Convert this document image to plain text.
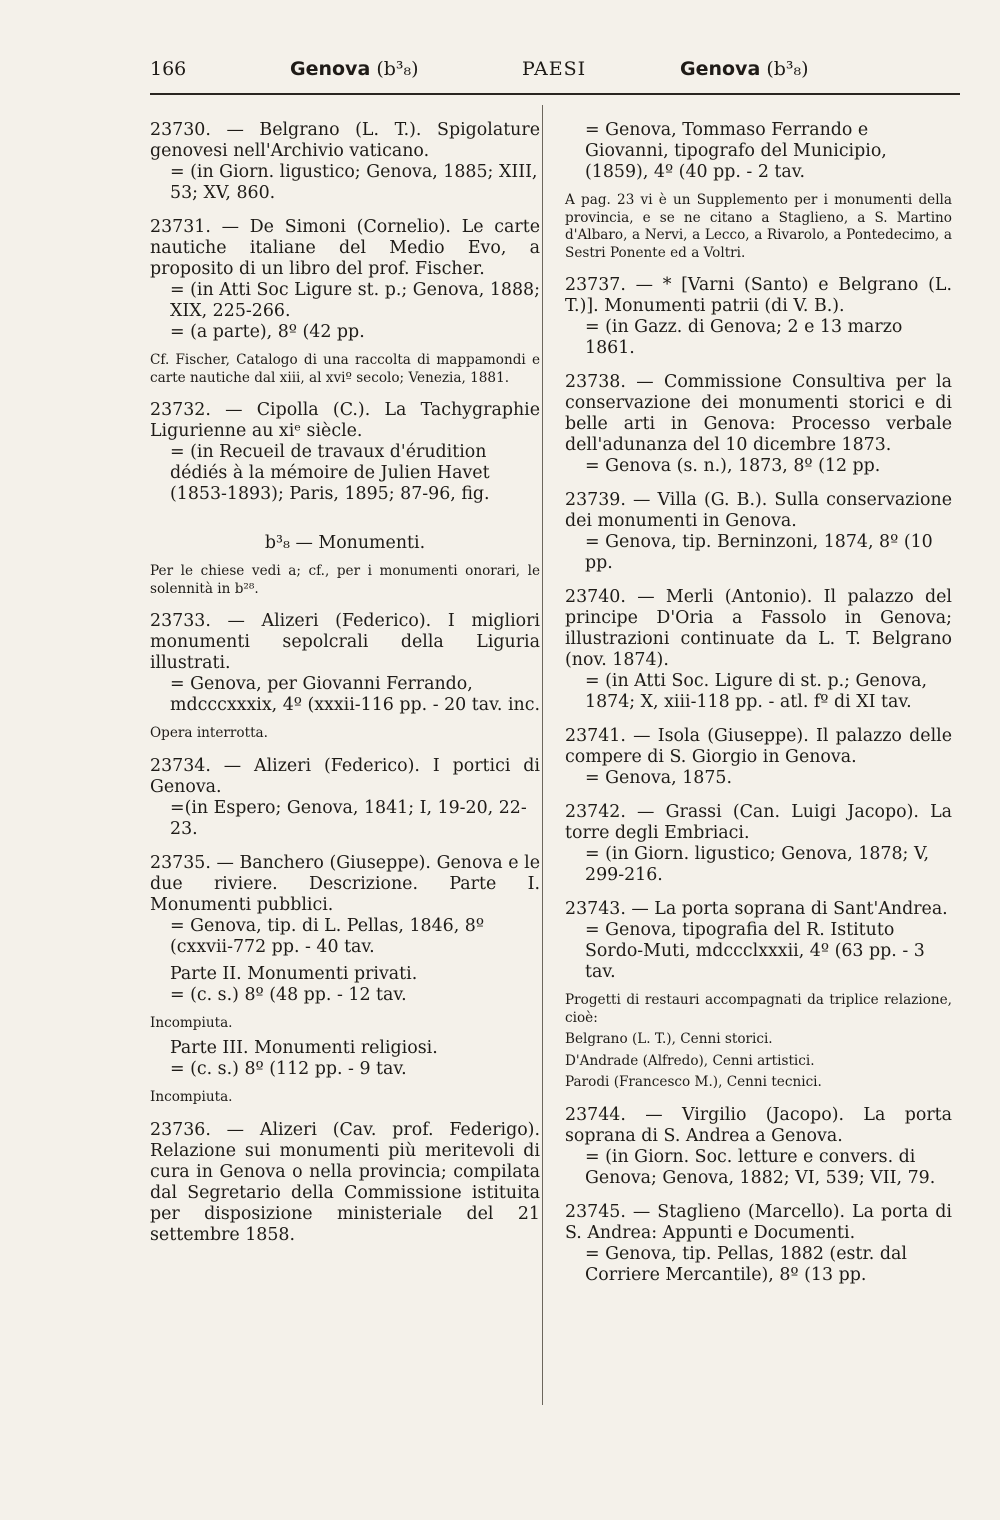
166	Genova (b³₈)	PAESI	Genova (b³₈)

23730. — Belgrano (L. T.). Spigolature genovesi nell'Archivio vaticano.

= (in Giorn. ligustico; Genova, 1885; XIII, 53; XV, 860.

23731. — De Simoni (Cornelio). Le carte nautiche italiane del Medio Evo, a proposito di un libro del prof. Fischer.

= (in Atti Soc Ligure st. p.; Genova, 1888; XIX, 225-266.

= (a parte), 8º (42 pp.

Cf. Fischer, Catalogo di una raccolta di mappamondi e carte nautiche dal xiii, al xviº secolo; Venezia, 1881.

23732. — Cipolla (C.). La Tachygraphie Ligurienne au xiᵉ siècle.

= (in Recueil de travaux d'érudition dédiés à la mémoire de Julien Havet (1853-1893); Paris, 1895; 87-96, fig.

b³₈ — Monumenti.

Per le chiese vedi a; cf., per i monumenti onorari, le solennità in b²⁸.

23733. — Alizeri (Federico). I migliori monumenti sepolcrali della Liguria illustrati.

= Genova, per Giovanni Ferrando, mdcccxxxix, 4º (xxxii-116 pp. - 20 tav. inc.

Opera interrotta.

23734. — Alizeri (Federico). I portici di Genova.

=(in Espero; Genova, 1841; I, 19-20, 22-23.

23735. — Banchero (Giuseppe). Genova e le due riviere. Descrizione. Parte I. Monumenti pubblici.

= Genova, tip. di L. Pellas, 1846, 8º (cxxvii-772 pp. - 40 tav.

Parte II. Monumenti privati.

= (c. s.) 8º (48 pp. - 12 tav.

Incompiuta.

Parte III. Monumenti religiosi.

= (c. s.) 8º (112 pp. - 9 tav.

Incompiuta.

23736. — Alizeri (Cav. prof. Federigo). Relazione sui monumenti più meritevoli di cura in Genova o nella provincia; compilata dal Segretario della Commissione istituita per disposizione ministeriale del 21 settembre 1858.

= Genova, Tommaso Ferrando e Giovanni, tipografo del Municipio, (1859), 4º (40 pp. - 2 tav.

A pag. 23 vi è un Supplemento per i monumenti della provincia, e se ne citano a Staglieno, a S. Martino d'Albaro, a Nervi, a Lecco, a Rivarolo, a Pontedecimo, a Sestri Ponente ed a Voltri.

23737. — * [Varni (Santo) e Belgrano (L. T.)]. Monumenti patrii (di V. B.).

= (in Gazz. di Genova; 2 e 13 marzo 1861.

23738. — Commissione Consultiva per la conservazione dei monumenti storici e di belle arti in Genova: Processo verbale dell'adunanza del 10 dicembre 1873.

= Genova (s. n.), 1873, 8º (12 pp.

23739. — Villa (G. B.). Sulla conservazione dei monumenti in Genova.

= Genova, tip. Berninzoni, 1874, 8º (10 pp.

23740. — Merli (Antonio). Il palazzo del principe D'Oria a Fassolo in Genova; illustrazioni continuate da L. T. Belgrano (nov. 1874).

= (in Atti Soc. Ligure di st. p.; Genova, 1874; X, xiii-118 pp. - atl. fº di XI tav.

23741. — Isola (Giuseppe). Il palazzo delle compere di S. Giorgio in Genova.

= Genova, 1875.

23742. — Grassi (Can. Luigi Jacopo). La torre degli Embriaci.

= (in Giorn. ligustico; Genova, 1878; V, 299-216.

23743. — La porta soprana di Sant'Andrea.

= Genova, tipografia del R. Istituto Sordo-Muti, mdccclxxxii, 4º (63 pp. - 3 tav.

Progetti di restauri accompagnati da triplice relazione, cioè:

Belgrano (L. T.), Cenni storici.

D'Andrade (Alfredo), Cenni artistici.

Parodi (Francesco M.), Cenni tecnici.

23744. — Virgilio (Jacopo). La porta soprana di S. Andrea a Genova.

= (in Giorn. Soc. letture e convers. di Genova; Genova, 1882; VI, 539; VII, 79.

23745. — Staglieno (Marcello). La porta di S. Andrea: Appunti e Documenti.

= Genova, tip. Pellas, 1882 (estr. dal Corriere Mercantile), 8º (13 pp.
